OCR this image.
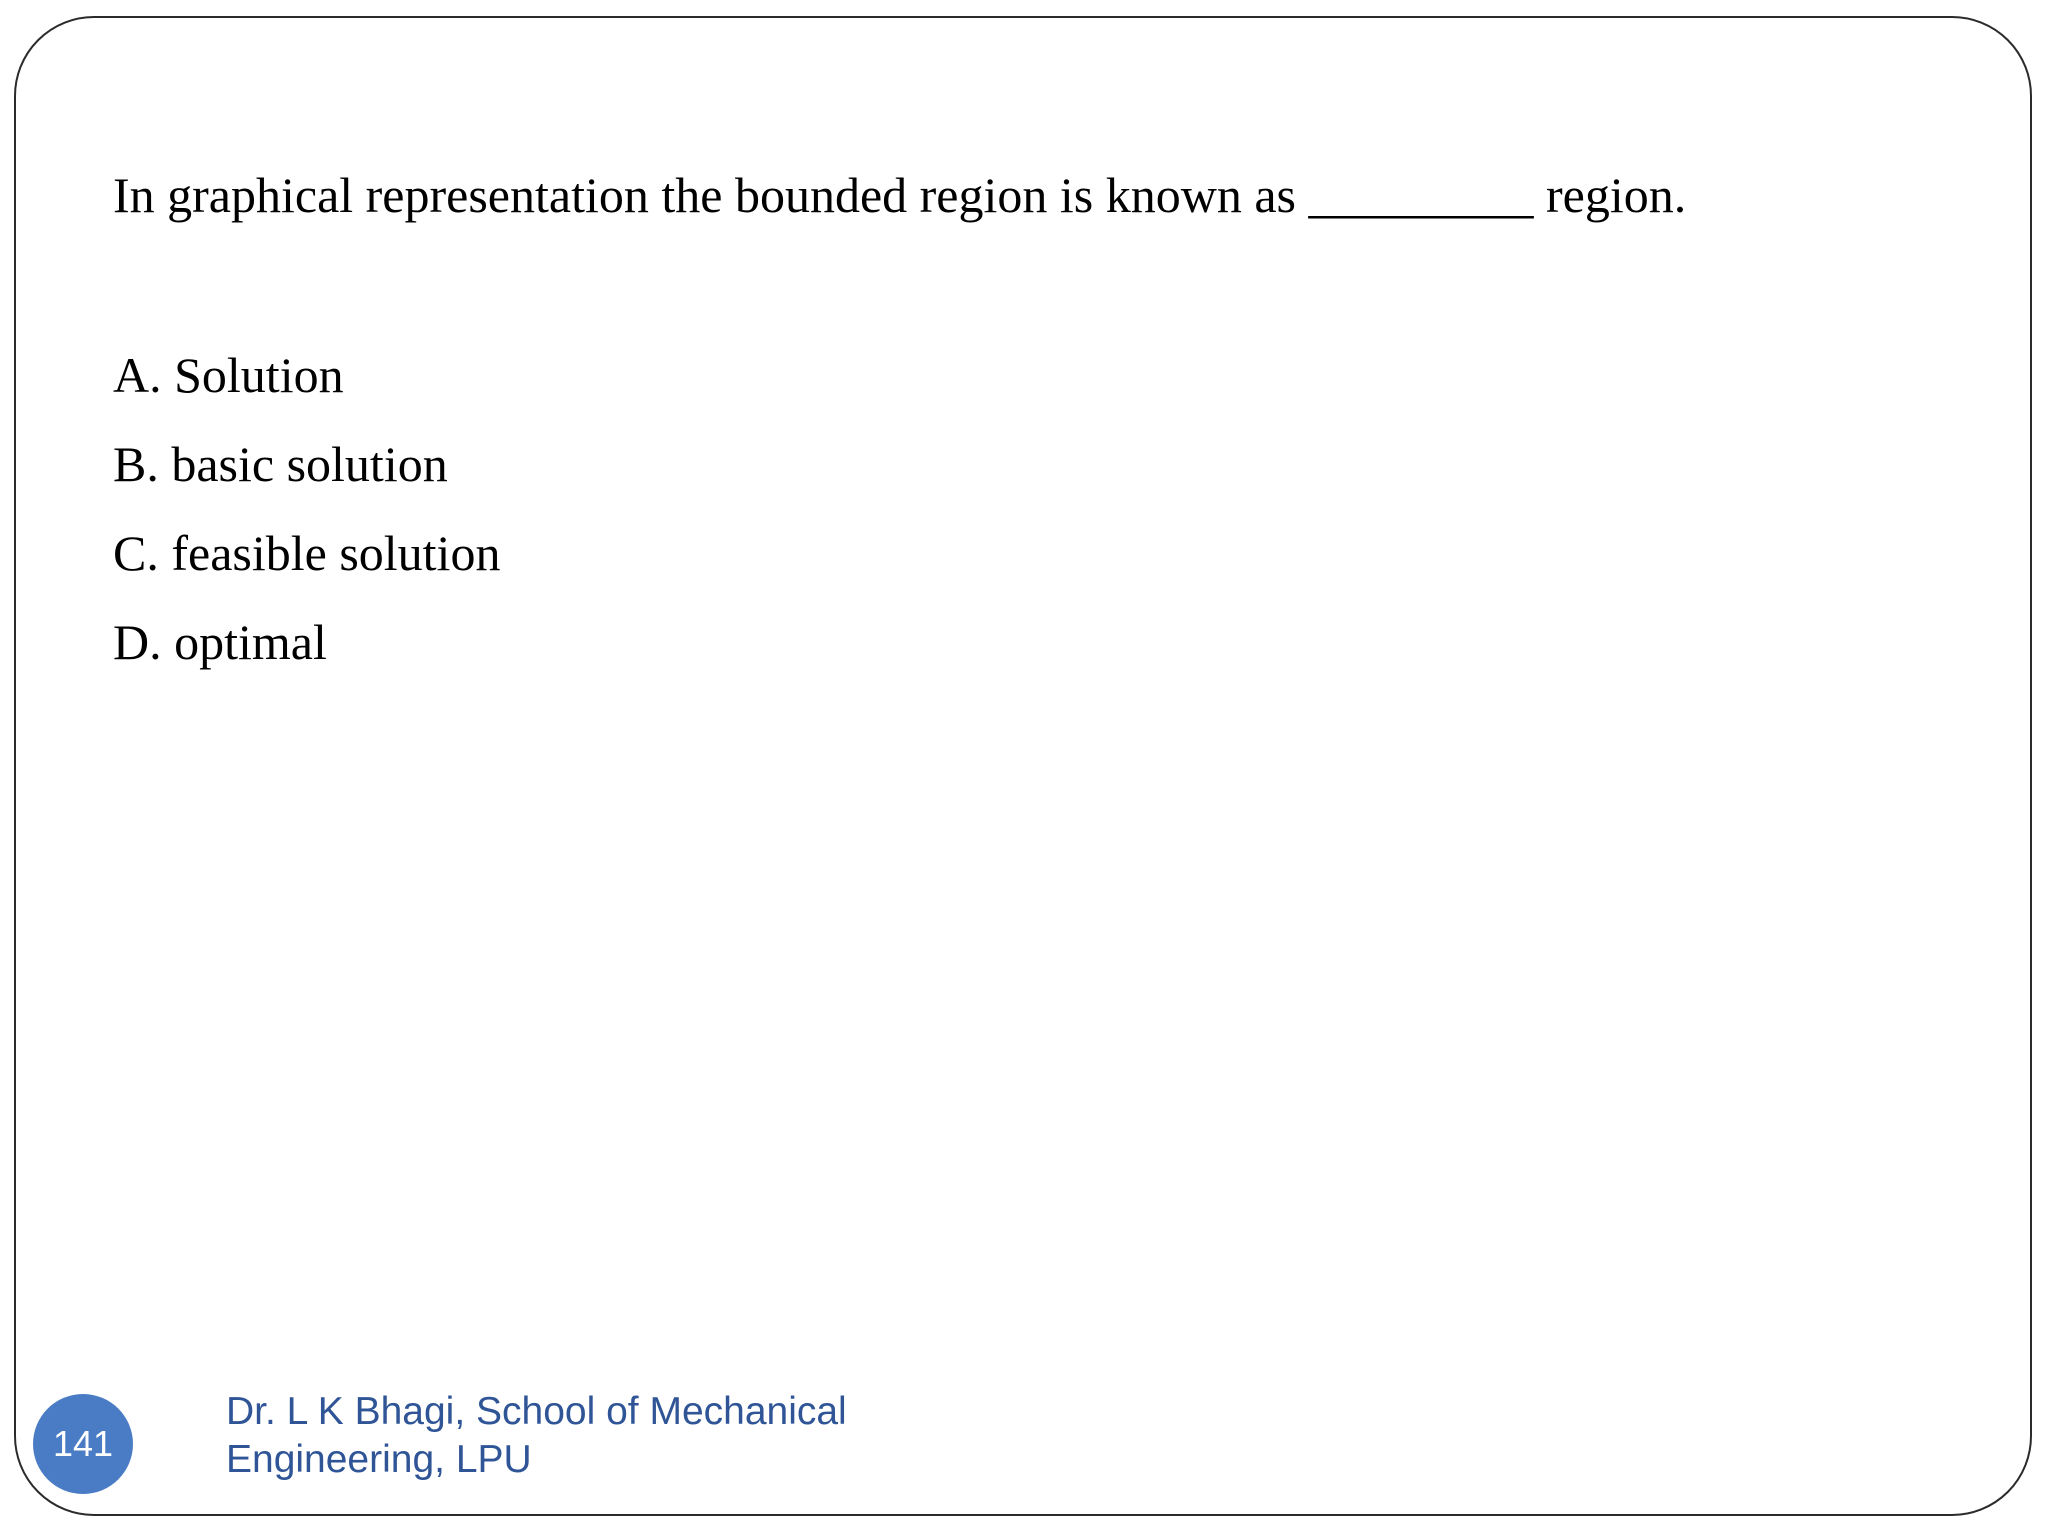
In graphical representation the bounded region is known as _________ region.
A. Solution
B. basic solution
C. feasible solution
D. optimal
141
Dr. L K Bhagi, School of Mechanical
Engineering, LPU
